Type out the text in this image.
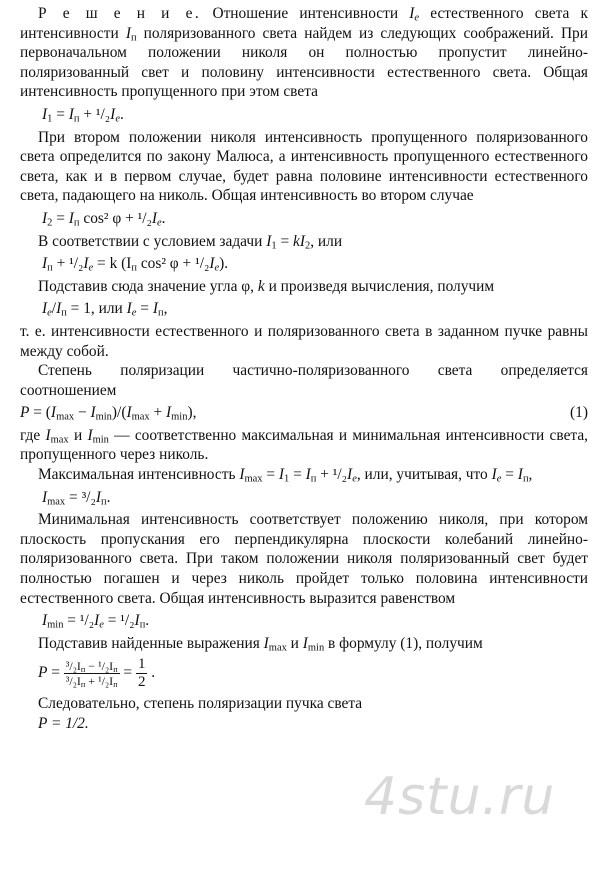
Р е ш е н и е. Отношение интенсивности $I_e$ естественного света к интенсивности $I_п$ поляризованного света найдем из следующих соображений. При первоначальном положении николя он полностью пропустит линейно-поляризованный свет и половину интенсивности естественного света. Общая интенсивность пропущенного при этом света

$I_1 = I_п + ^1/_2I_e$.

При втором положении николя интенсивность пропущенного поляризованного света определится по закону Малюса, а интенсивность пропущенного естественного света, как и в первом случае, будет равна половине интенсивности естественного света, падающего на николь. Общая интенсивность во втором случае

$I_2 = I_п$ cos² $\varphi + ^1/_2I_e$.

В соответствии с условием задачи $I_1 = kI_2$, или

$I_п + ^1/_2I_e = k$ ($I_п$ cos² $\varphi + ^1/_2I_e$).

Подставив сюда значение угла φ, k и произведя вычисления, получим

$I_e/I_п = 1$, или $I_e = I_п$,

т. е. интенсивности естественного и поляризованного света в заданном пучке равны между собой.

Степень поляризации частично-поляризованного света определяется соотношением

$P = (I_{max} - I_{min})/(I_{max} + I_{min})$,	(1)

где $I_{max}$ и $I_{min}$ — соответственно максимальная и минимальная интенсивности света, пропущенного через николь.

Максимальная интенсивность $I_{max} = I_1 = I_п + ^1/_2I_e$, или, учитывая, что $I_e = I_п$,

$I_{max} = ^3/_2I_п$.

Минимальная интенсивность соответствует положению николя, при котором плоскость пропускания его перпендикулярна плоскости колебаний линейно-поляризованного света. При таком положении николя поляризованный свет будет полностью погашен и через николь пройдет только половина интенсивности естественного света. Общая интенсивность выразится равенством

$I_{min} = ^1/_2I_e = ^1/_2I_п$.

Подставив найденные выражения $I_{max}$ и $I_{min}$ в формулу (1), получим

$P = \frac{^3/_2I_п - ^1/_2I_п}{^3/_2I_п + ^1/_2I_п} = \frac{1}{2}$ .

Следовательно, степень поляризации пучка света

P = 1/2.
4stu.ru
